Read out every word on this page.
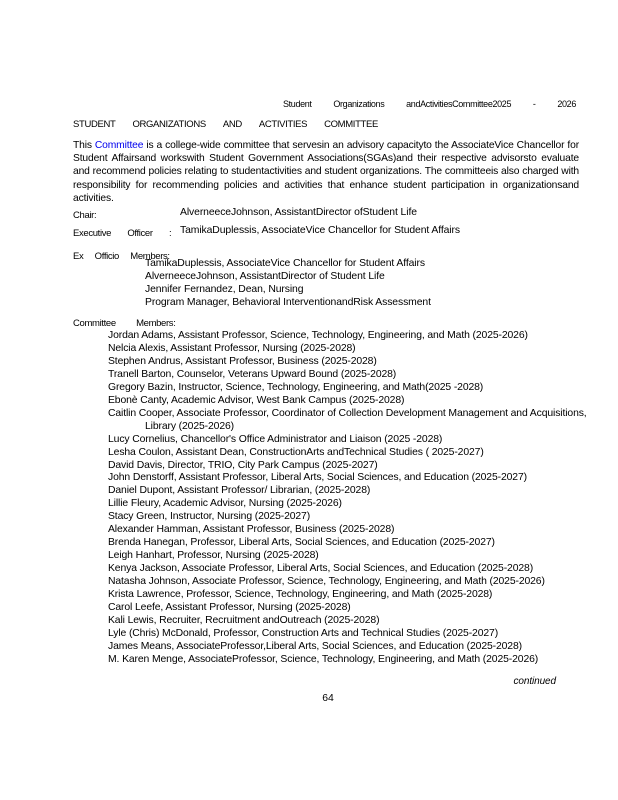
Student Organizations andActivitiesCommittee2025 - 2026
STUDENT ORGANIZATIONS AND ACTIVITIES COMMITTEE
This Committee is a college-wide committee that servesin an advisory capacityto the AssociateVice Chancellor for Student Affairsand workswith Student Government Associations(SGAs)and their respective advisorsto evaluate and recommend policies relating to studentactivities and student organizations. The committeeis also charged with responsibility for recommending policies and activities that enhance student participation in organizationsand activities.
Chair:	AlverneeceJohnson, AssistantDirector ofStudent Life
Executive Officer : TamikaDuplessis, AssociateVice Chancellor for Student Affairs
Ex Officio Members:
TamikaDuplessis, AssociateVice Chancellor for Student Affairs
AlverneeceJohnson, AssistantDirector of Student Life
Jennifer Fernandez, Dean, Nursing
Program Manager, Behavioral InterventionandRisk Assessment
Committee Members:
Jordan Adams, Assistant Professor, Science, Technology, Engineering, and Math (2025-2026)
Nelcia Alexis, Assistant Professor, Nursing (2025-2028)
Stephen Andrus, Assistant Professor, Business (2025-2028)
Tranell Barton, Counselor, Veterans Upward Bound (2025-2028)
Gregory Bazin, Instructor, Science, Technology, Engineering, and Math(2025 -2028)
Ebonè Canty, Academic Advisor, West Bank Campus (2025-2028)
Caitlin Cooper, Associate Professor, Coordinator of Collection Development Management and Acquisitions, Library (2025-2026)
Lucy Cornelius, Chancellor's Office Administrator and Liaison (2025 -2028)
Lesha Coulon, Assistant Dean, ConstructionArts andTechnical Studies ( 2025-2027)
David Davis, Director, TRIO, City Park Campus (2025-2027)
John Denstorff, Assistant Professor, Liberal Arts, Social Sciences, and Education (2025-2027)
Daniel Dupont, Assistant Professor/ Librarian, (2025-2028)
Lillie Fleury, Academic Advisor, Nursing (2025-2026)
Stacy Green, Instructor, Nursing (2025-2027)
Alexander Hamman, Assistant Professor, Business (2025-2028)
Brenda Hanegan, Professor, Liberal Arts, Social Sciences, and Education (2025-2027)
Leigh Hanhart, Professor, Nursing (2025-2028)
Kenya Jackson, Associate Professor, Liberal Arts, Social Sciences, and Education (2025-2028)
Natasha Johnson, Associate Professor, Science, Technology, Engineering, and Math (2025-2026)
Krista Lawrence, Professor, Science, Technology, Engineering, and Math (2025-2028)
Carol Leefe, Assistant Professor, Nursing (2025-2028)
Kali Lewis, Recruiter, Recruitment andOutreach (2025-2028)
Lyle (Chris) McDonald, Professor, Construction Arts and Technical Studies (2025-2027)
James Means, AssociateProfessor,Liberal Arts, Social Sciences, and Education (2025-2028)
M. Karen Menge, AssociateProfessor, Science, Technology, Engineering, and Math (2025-2026)
continued
64
